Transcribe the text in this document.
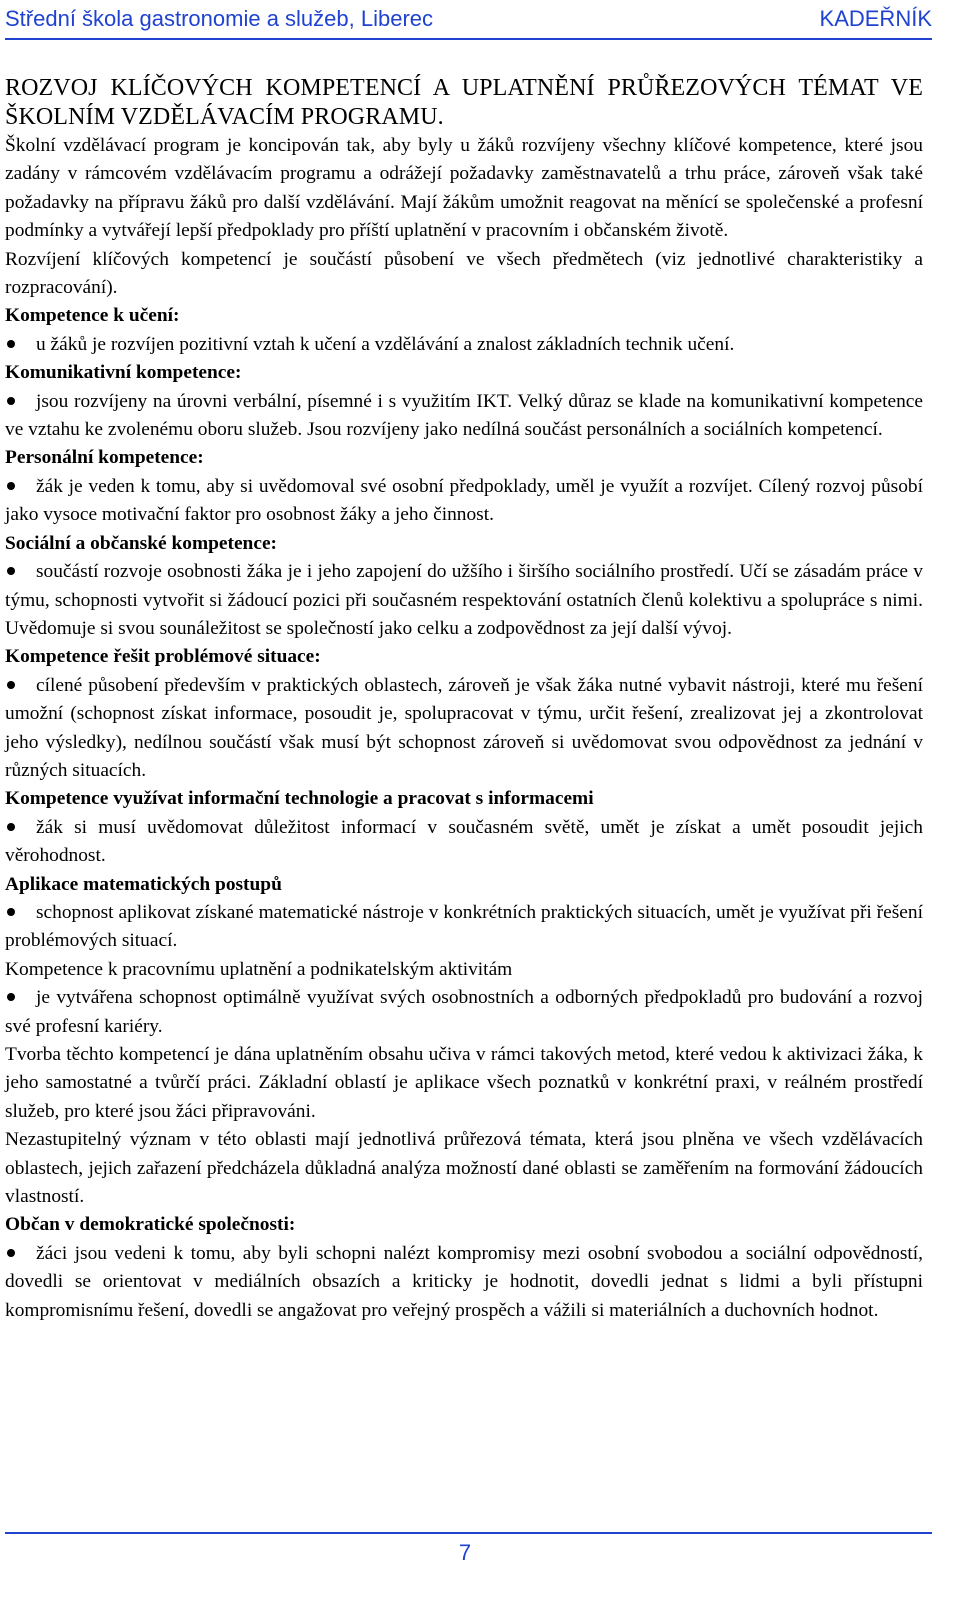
Střední škola gastronomie a služeb, Liberec	KADEŘNÍK

ROZVOJ KLÍČOVÝCH KOMPETENCÍ A UPLATNĚNÍ PRŮŘEZOVÝCH TÉMAT VE ŠKOLNÍM VZDĚLÁVACÍM PROGRAMU.

Školní vzdělávací program je koncipován tak, aby byly u žáků rozvíjeny všechny klíčové kompetence, které jsou zadány v rámcovém vzdělávacím programu a odrážejí požadavky zaměstnavatelů a trhu práce, zároveň však také požadavky na přípravu žáků pro další vzdělávání. Mají žákům umožnit reagovat na měnící se společenské a profesní podmínky a vytvářejí lepší předpoklady pro příští uplatnění v pracovním i občanském životě.

Rozvíjení klíčových kompetencí je součástí působení ve všech předmětech (viz jednotlivé charakteristiky a rozpracování).

Kompetence k učení:

u žáků je rozvíjen pozitivní vztah k učení a vzdělávání a znalost základních technik učení.

Komunikativní kompetence:

jsou rozvíjeny na úrovni verbální, písemné i s využitím IKT. Velký důraz se klade na komunikativní kompetence ve vztahu ke zvolenému oboru služeb. Jsou rozvíjeny jako nedílná součást personálních a sociálních kompetencí.

Personální kompetence:

žák je veden k tomu, aby si uvědomoval své osobní předpoklady, uměl je využít a rozvíjet. Cílený rozvoj působí jako vysoce motivační faktor pro osobnost žáky a jeho činnost.

Sociální a občanské kompetence:

součástí rozvoje osobnosti žáka je i jeho zapojení do užšího i širšího sociálního prostředí. Učí se zásadám práce v týmu, schopnosti vytvořit si žádoucí pozici při současném respektování ostatních členů kolektivu a spolupráce s nimi. Uvědomuje si svou sounáležitost se společností jako celku a zodpovědnost za její další vývoj.

Kompetence řešit problémové situace:

cílené působení především v praktických oblastech, zároveň je však žáka nutné vybavit nástroji, které mu řešení umožní (schopnost získat informace, posoudit je, spolupracovat v týmu, určit řešení, zrealizovat jej a zkontrolovat jeho výsledky), nedílnou součástí však musí být schopnost zároveň si uvědomovat svou odpovědnost za jednání v různých situacích.

Kompetence využívat informační technologie a pracovat s informacemi

žák si musí uvědomovat důležitost informací v současném světě, umět je získat a umět posoudit jejich věrohodnost.

Aplikace matematických postupů

schopnost aplikovat získané matematické nástroje v konkrétních praktických situacích, umět je využívat při řešení problémových situací.

Kompetence k pracovnímu uplatnění a podnikatelským aktivitám

je vytvářena schopnost optimálně využívat svých osobnostních a odborných předpokladů pro budování a rozvoj své profesní kariéry.

Tvorba těchto kompetencí je dána uplatněním obsahu učiva v rámci takových metod, které vedou k aktivizaci žáka, k jeho samostatné a tvůrčí práci. Základní oblastí je aplikace všech poznatků v konkrétní praxi, v reálném prostředí služeb, pro které jsou žáci připravováni.

Nezastupitelný význam v této oblasti mají jednotlivá průřezová témata, která jsou plněna ve všech vzdělávacích oblastech, jejich zařazení předcházela důkladná analýza možností dané oblasti se zaměřením na formování žádoucích vlastností.

Občan v demokratické společnosti:

žáci jsou vedeni k tomu, aby byli schopni nalézt kompromisy mezi osobní svobodou a sociální odpovědností, dovedli se orientovat v mediálních obsazích a kriticky je hodnotit, dovedli jednat s lidmi a byli přístupni kompromisnímu řešení, dovedli se angažovat pro veřejný prospěch a vážili si materiálních a duchovních hodnot.

7
